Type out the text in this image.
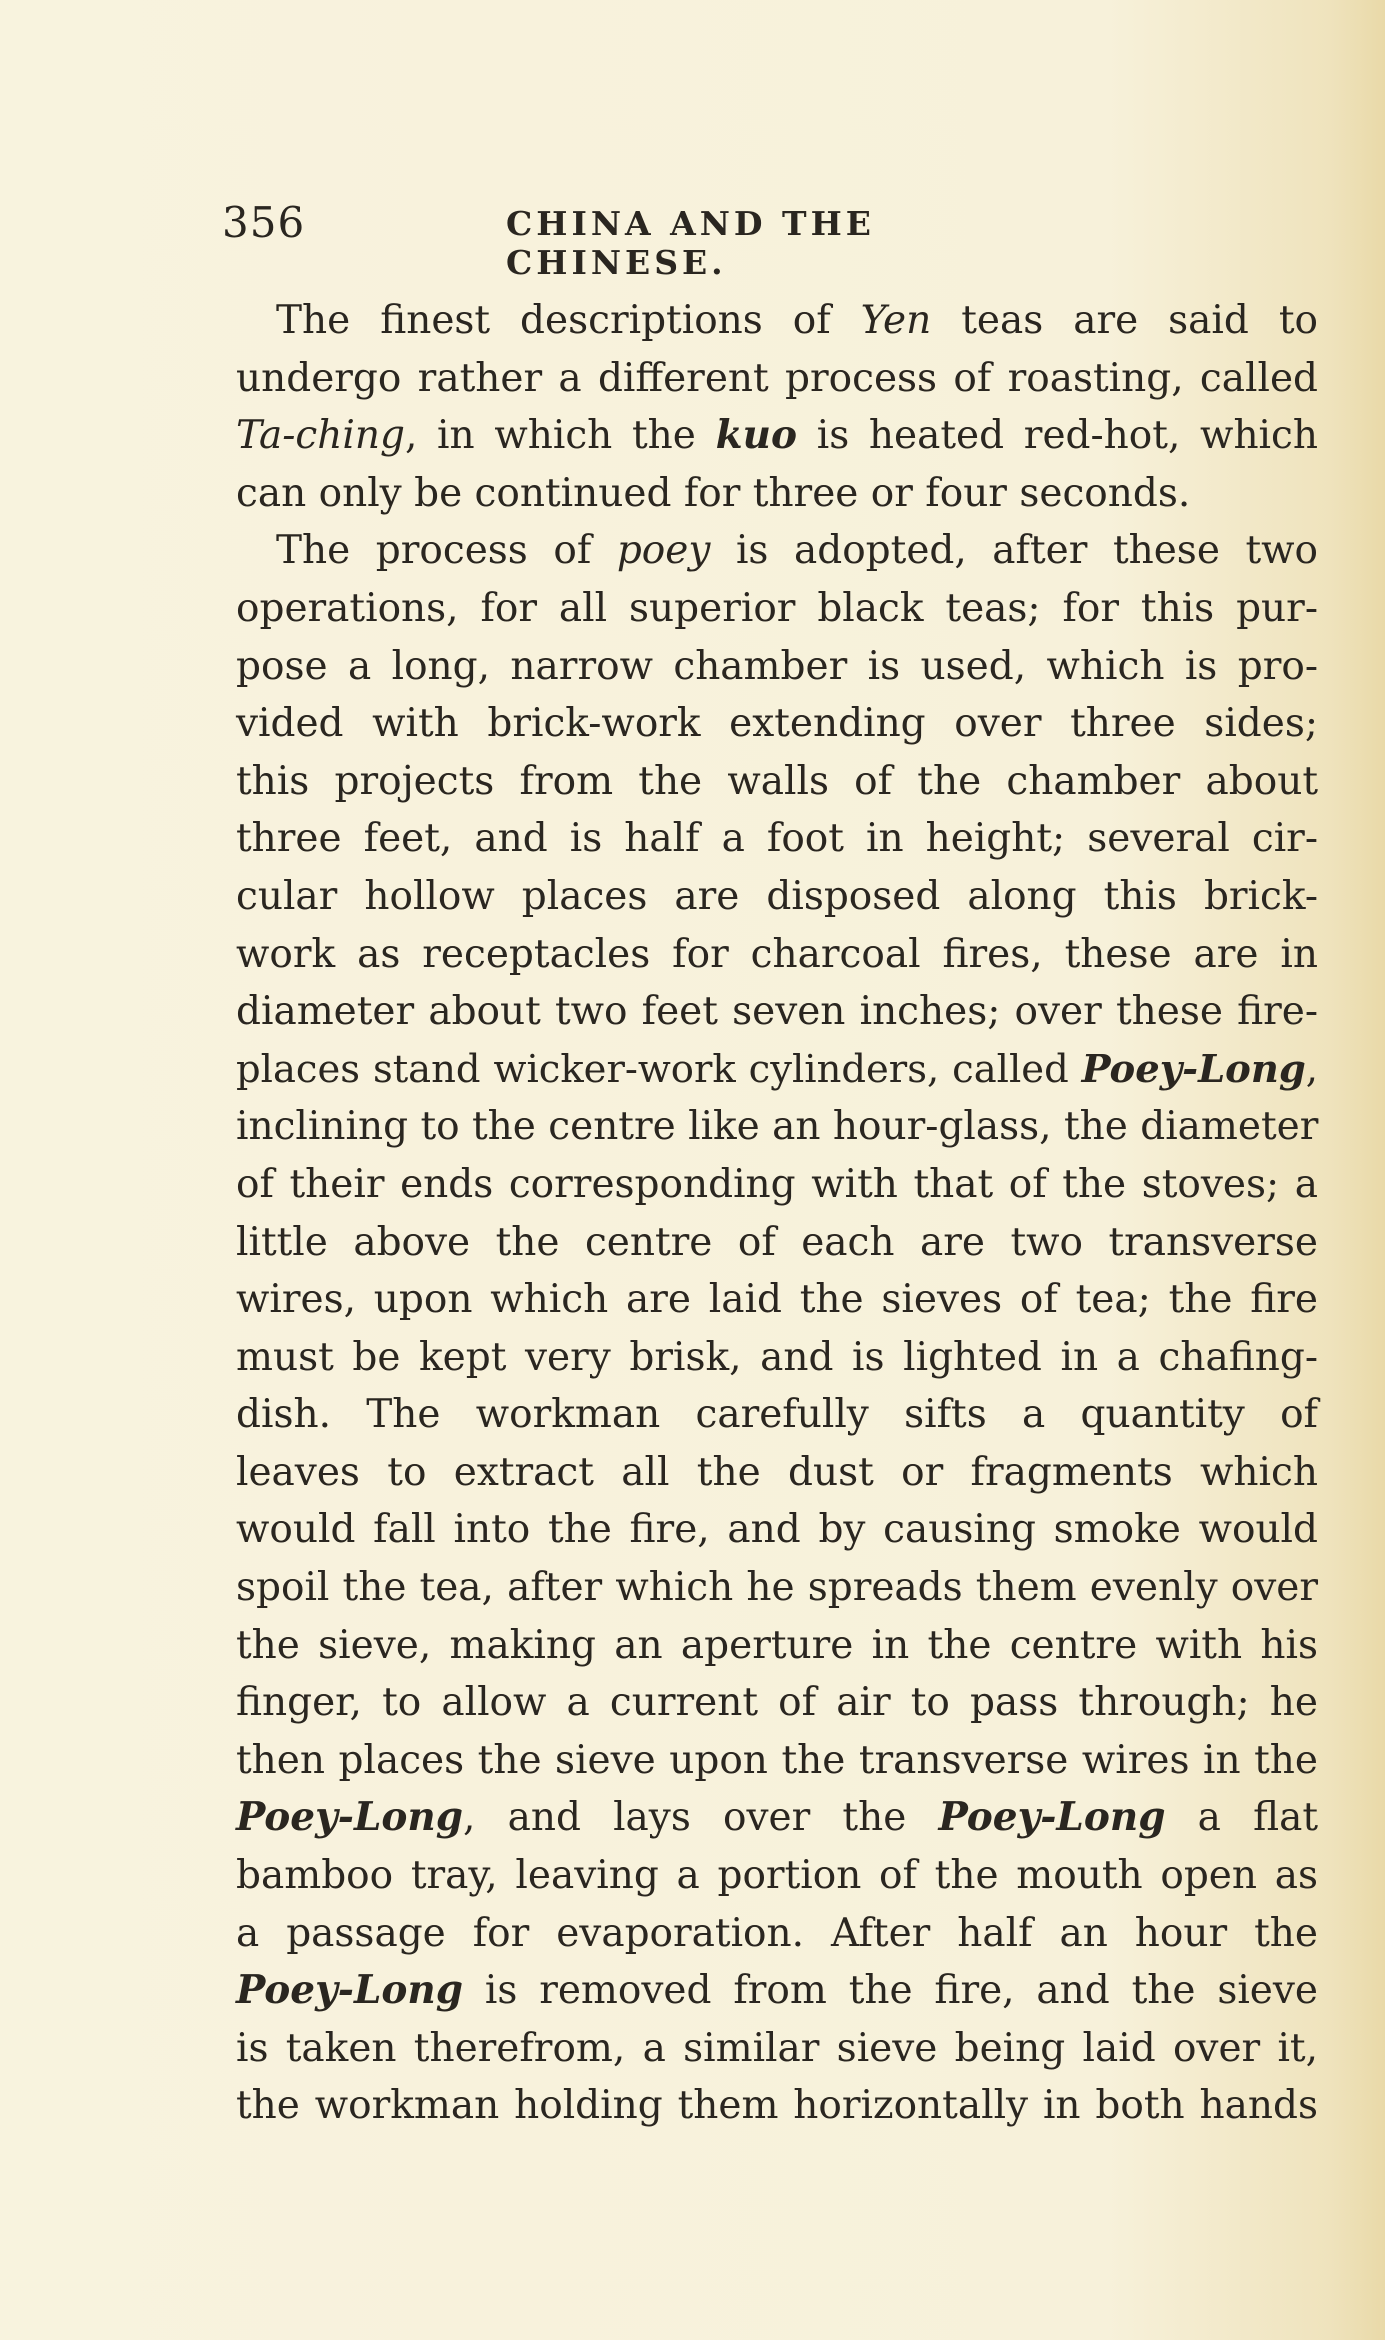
356	CHINA AND THE CHINESE.
The finest descriptions of Yen teas are said to
undergo rather a different process of roasting, called
Ta-ching, in which the kuo is heated red-hot, which
can only be continued for three or four seconds.
The process of poey is adopted, after these two
operations, for all superior black teas; for this pur-
pose a long, narrow chamber is used, which is pro-
vided with brick-work extending over three sides;
this projects from the walls of the chamber about
three feet, and is half a foot in height; several cir-
cular hollow places are disposed along this brick-
work as receptacles for charcoal fires, these are in
diameter about two feet seven inches; over these fire-
places stand wicker-work cylinders, called Poey-Long,
inclining to the centre like an hour-glass, the diameter
of their ends corresponding with that of the stoves; a
little above the centre of each are two transverse
wires, upon which are laid the sieves of tea; the fire
must be kept very brisk, and is lighted in a chafing-
dish. The workman carefully sifts a quantity of
leaves to extract all the dust or fragments which
would fall into the fire, and by causing smoke would
spoil the tea, after which he spreads them evenly over
the sieve, making an aperture in the centre with his
finger, to allow a current of air to pass through; he
then places the sieve upon the transverse wires in the
Poey-Long, and lays over the Poey-Long a flat
bamboo tray, leaving a portion of the mouth open as
a passage for evaporation. After half an hour the
Poey-Long is removed from the fire, and the sieve
is taken therefrom, a similar sieve being laid over it,
the workman holding them horizontally in both hands
